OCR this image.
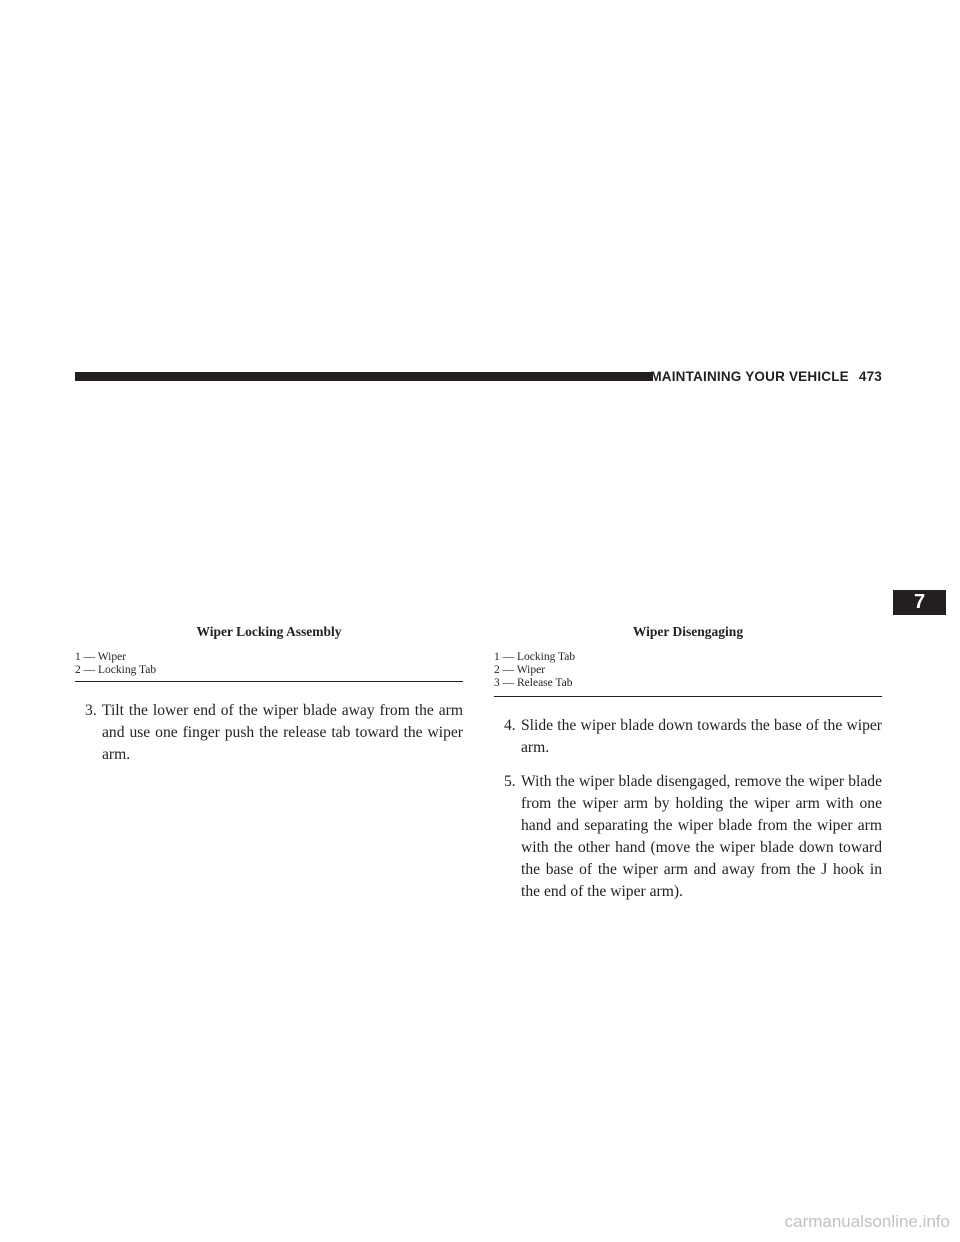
MAINTAINING YOUR VEHICLE 473
7
Wiper Locking Assembly
1 — Wiper
2 — Locking Tab
Wiper Disengaging
1 — Locking Tab
2 — Wiper
3 — Release Tab
3. Tilt the lower end of the wiper blade away from the arm and use one finger push the release tab toward the wiper arm.
4. Slide the wiper blade down towards the base of the wiper arm.
5. With the wiper blade disengaged, remove the wiper blade from the wiper arm by holding the wiper arm with one hand and separating the wiper blade from the wiper arm with the other hand (move the wiper blade down toward the base of the wiper arm and away from the J hook in the end of the wiper arm).
carmanualsonline.info
